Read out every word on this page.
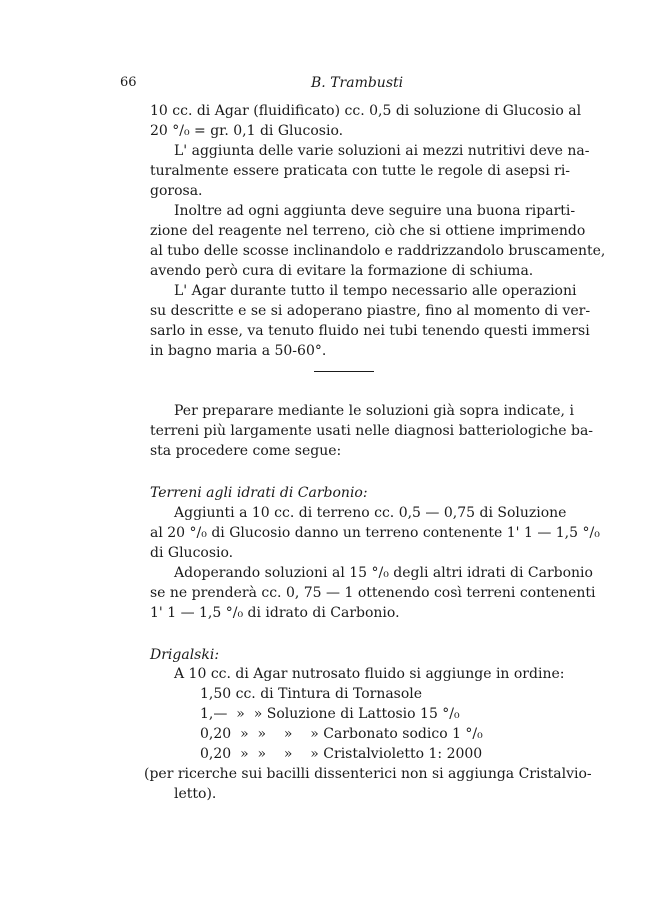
66	B. Trambusti

10 cc. di Agar (fluidificato) cc. 0,5 di soluzione di Glucosio al

20 °/₀ = gr. 0,1 di Glucosio.

L' aggiunta delle varie soluzioni ai mezzi nutritivi deve na-

turalmente essere praticata con tutte le regole di asepsi ri-

gorosa.

Inoltre ad ogni aggiunta deve seguire una buona riparti-

zione del reagente nel terreno, ciò che si ottiene imprimendo

al tubo delle scosse inclinandolo e raddrizzandolo bruscamente,

avendo però cura di evitare la formazione di schiuma.

L' Agar durante tutto il tempo necessario alle operazioni

su descritte e se si adoperano piastre, fino al momento di ver-

sarlo in esse, va tenuto fluido nei tubi tenendo questi immersi

in bagno maria a 50-60°.

Per preparare mediante le soluzioni già sopra indicate, i

terreni più largamente usati nelle diagnosi batteriologiche ba-

sta procedere come segue:

Terreni agli idrati di Carbonio:

Aggiunti a 10 cc. di terreno cc. 0,5 — 0,75 di Soluzione

al 20 °/₀ di Glucosio danno un terreno contenente 1' 1 — 1,5 °/₀

di Glucosio.

Adoperando soluzioni al 15 °/₀ degli altri idrati di Carbonio

se ne prenderà cc. 0, 75 — 1 ottenendo così terreni contenenti

1' 1 — 1,5 °/₀ di idrato di Carbonio.

Drigalski:

A 10 cc. di Agar nutrosato fluido si aggiunge in ordine:

1,50 cc. di Tintura di Tornasole

1,—  »  » Soluzione di Lattosio 15 °/₀

0,20  »  »    »    » Carbonato sodico 1 °/₀

0,20  »  »    »    » Cristalvioletto 1: 2000

(per ricerche sui bacilli dissenterici non si aggiunga Cristalvio-

letto).
